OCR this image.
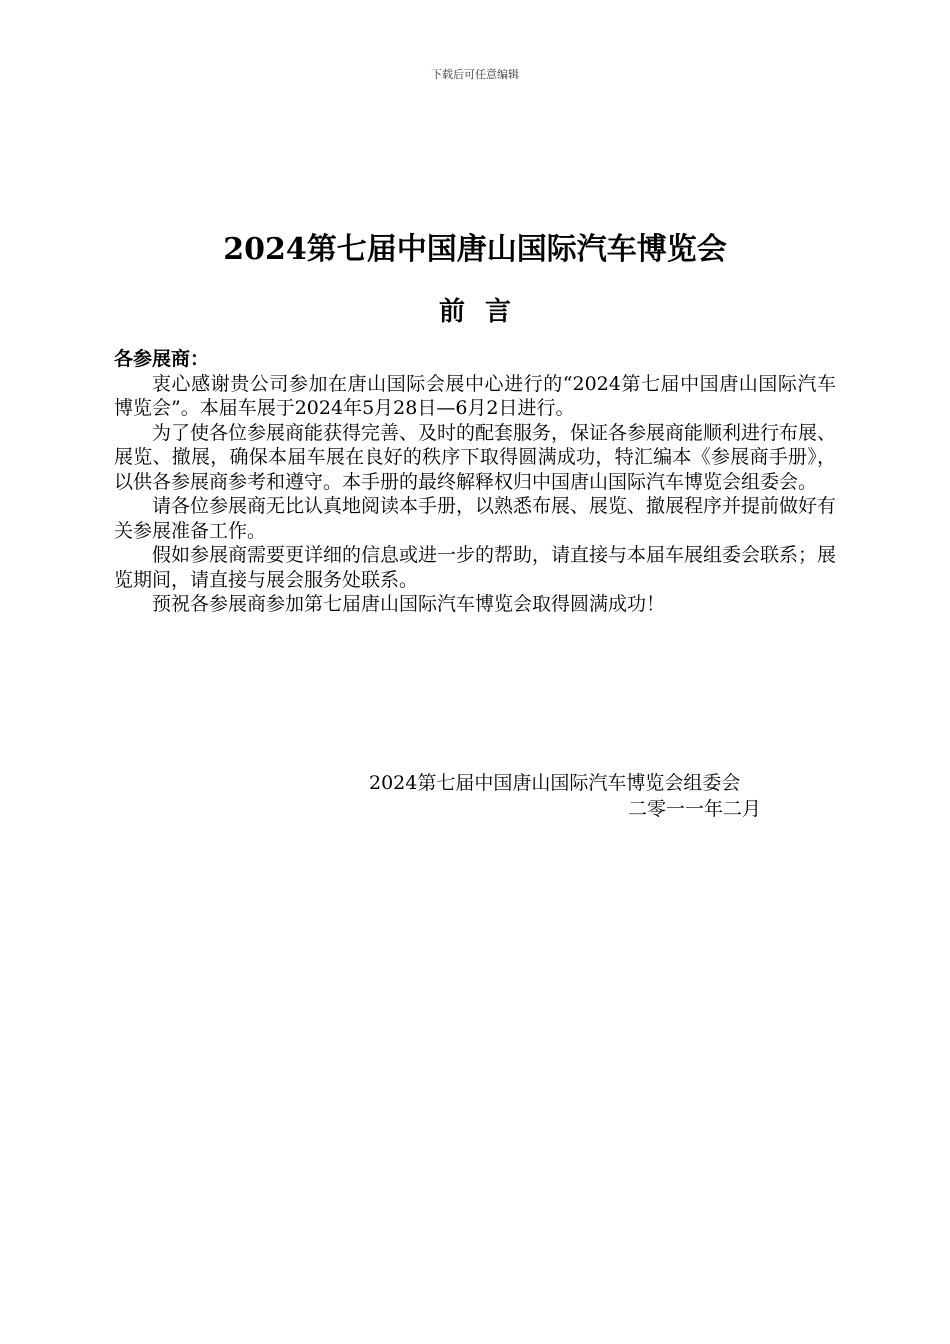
下载后可任意编辑
2024第七届中国唐山国际汽车博览会
前言

各参展商：

衷心感谢贵公司参加在唐山国际会展中心进行的“2024第七届中国唐山国际汽车博览会”。本届车展于2024年5月28日—6月2日进行。

为了使各位参展商能获得完善、及时的配套服务，保证各参展商能顺利进行布展、展览、撤展，确保本届车展在良好的秩序下取得圆满成功，特汇编本《参展商手册》，以供各参展商参考和遵守。本手册的最终解释权归中国唐山国际汽车博览会组委会。

请各位参展商无比认真地阅读本手册，以熟悉布展、展览、撤展程序并提前做好有关参展准备工作。

假如参展商需要更详细的信息或进一步的帮助，请直接与本届车展组委会联系；展览期间，请直接与展会服务处联系。

预祝各参展商参加第七届唐山国际汽车博览会取得圆满成功！

2024第七届中国唐山国际汽车博览会组委会
二零一一年二月
